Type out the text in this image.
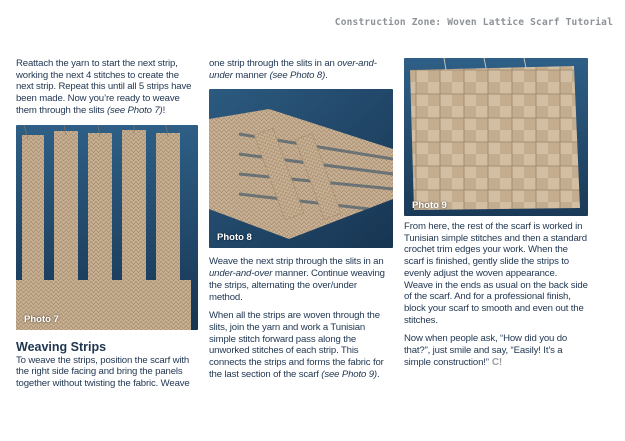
Construction Zone: Woven Lattice Scarf Tutorial

Reattach the yarn to start the next strip, working the next 4 stitches to create the next strip. Repeat this until all 5 strips have been made. Now you’re ready to weave them through the slits (see Photo 7)!

Photo 7
Weaving Strips

To weave the strips, position the scarf with the right side facing and bring the panels together without twisting the fabric. Weave

one strip through the slits in an over-and-under manner (see Photo 8).

Photo 8

Weave the next strip through the slits in an under-and-over manner. Continue weaving the strips, alternating the over/under method.

When all the strips are woven through the slits, join the yarn and work a Tunisian simple stitch forward pass along the unworked stitches of each strip. This connects the strips and forms the fabric for the last section of the scarf (see Photo 9).

Photo 9

From here, the rest of the scarf is worked in Tunisian simple stitches and then a standard crochet trim edges your work. When the scarf is finished, gently slide the strips to evenly adjust the woven appearance. Weave in the ends as usual on the back side of the scarf. And for a professional finish, block your scarf to smooth and even out the stitches.

Now when people ask, “How did you do that?”, just smile and say, “Easily! It’s a simple construction!” C!
